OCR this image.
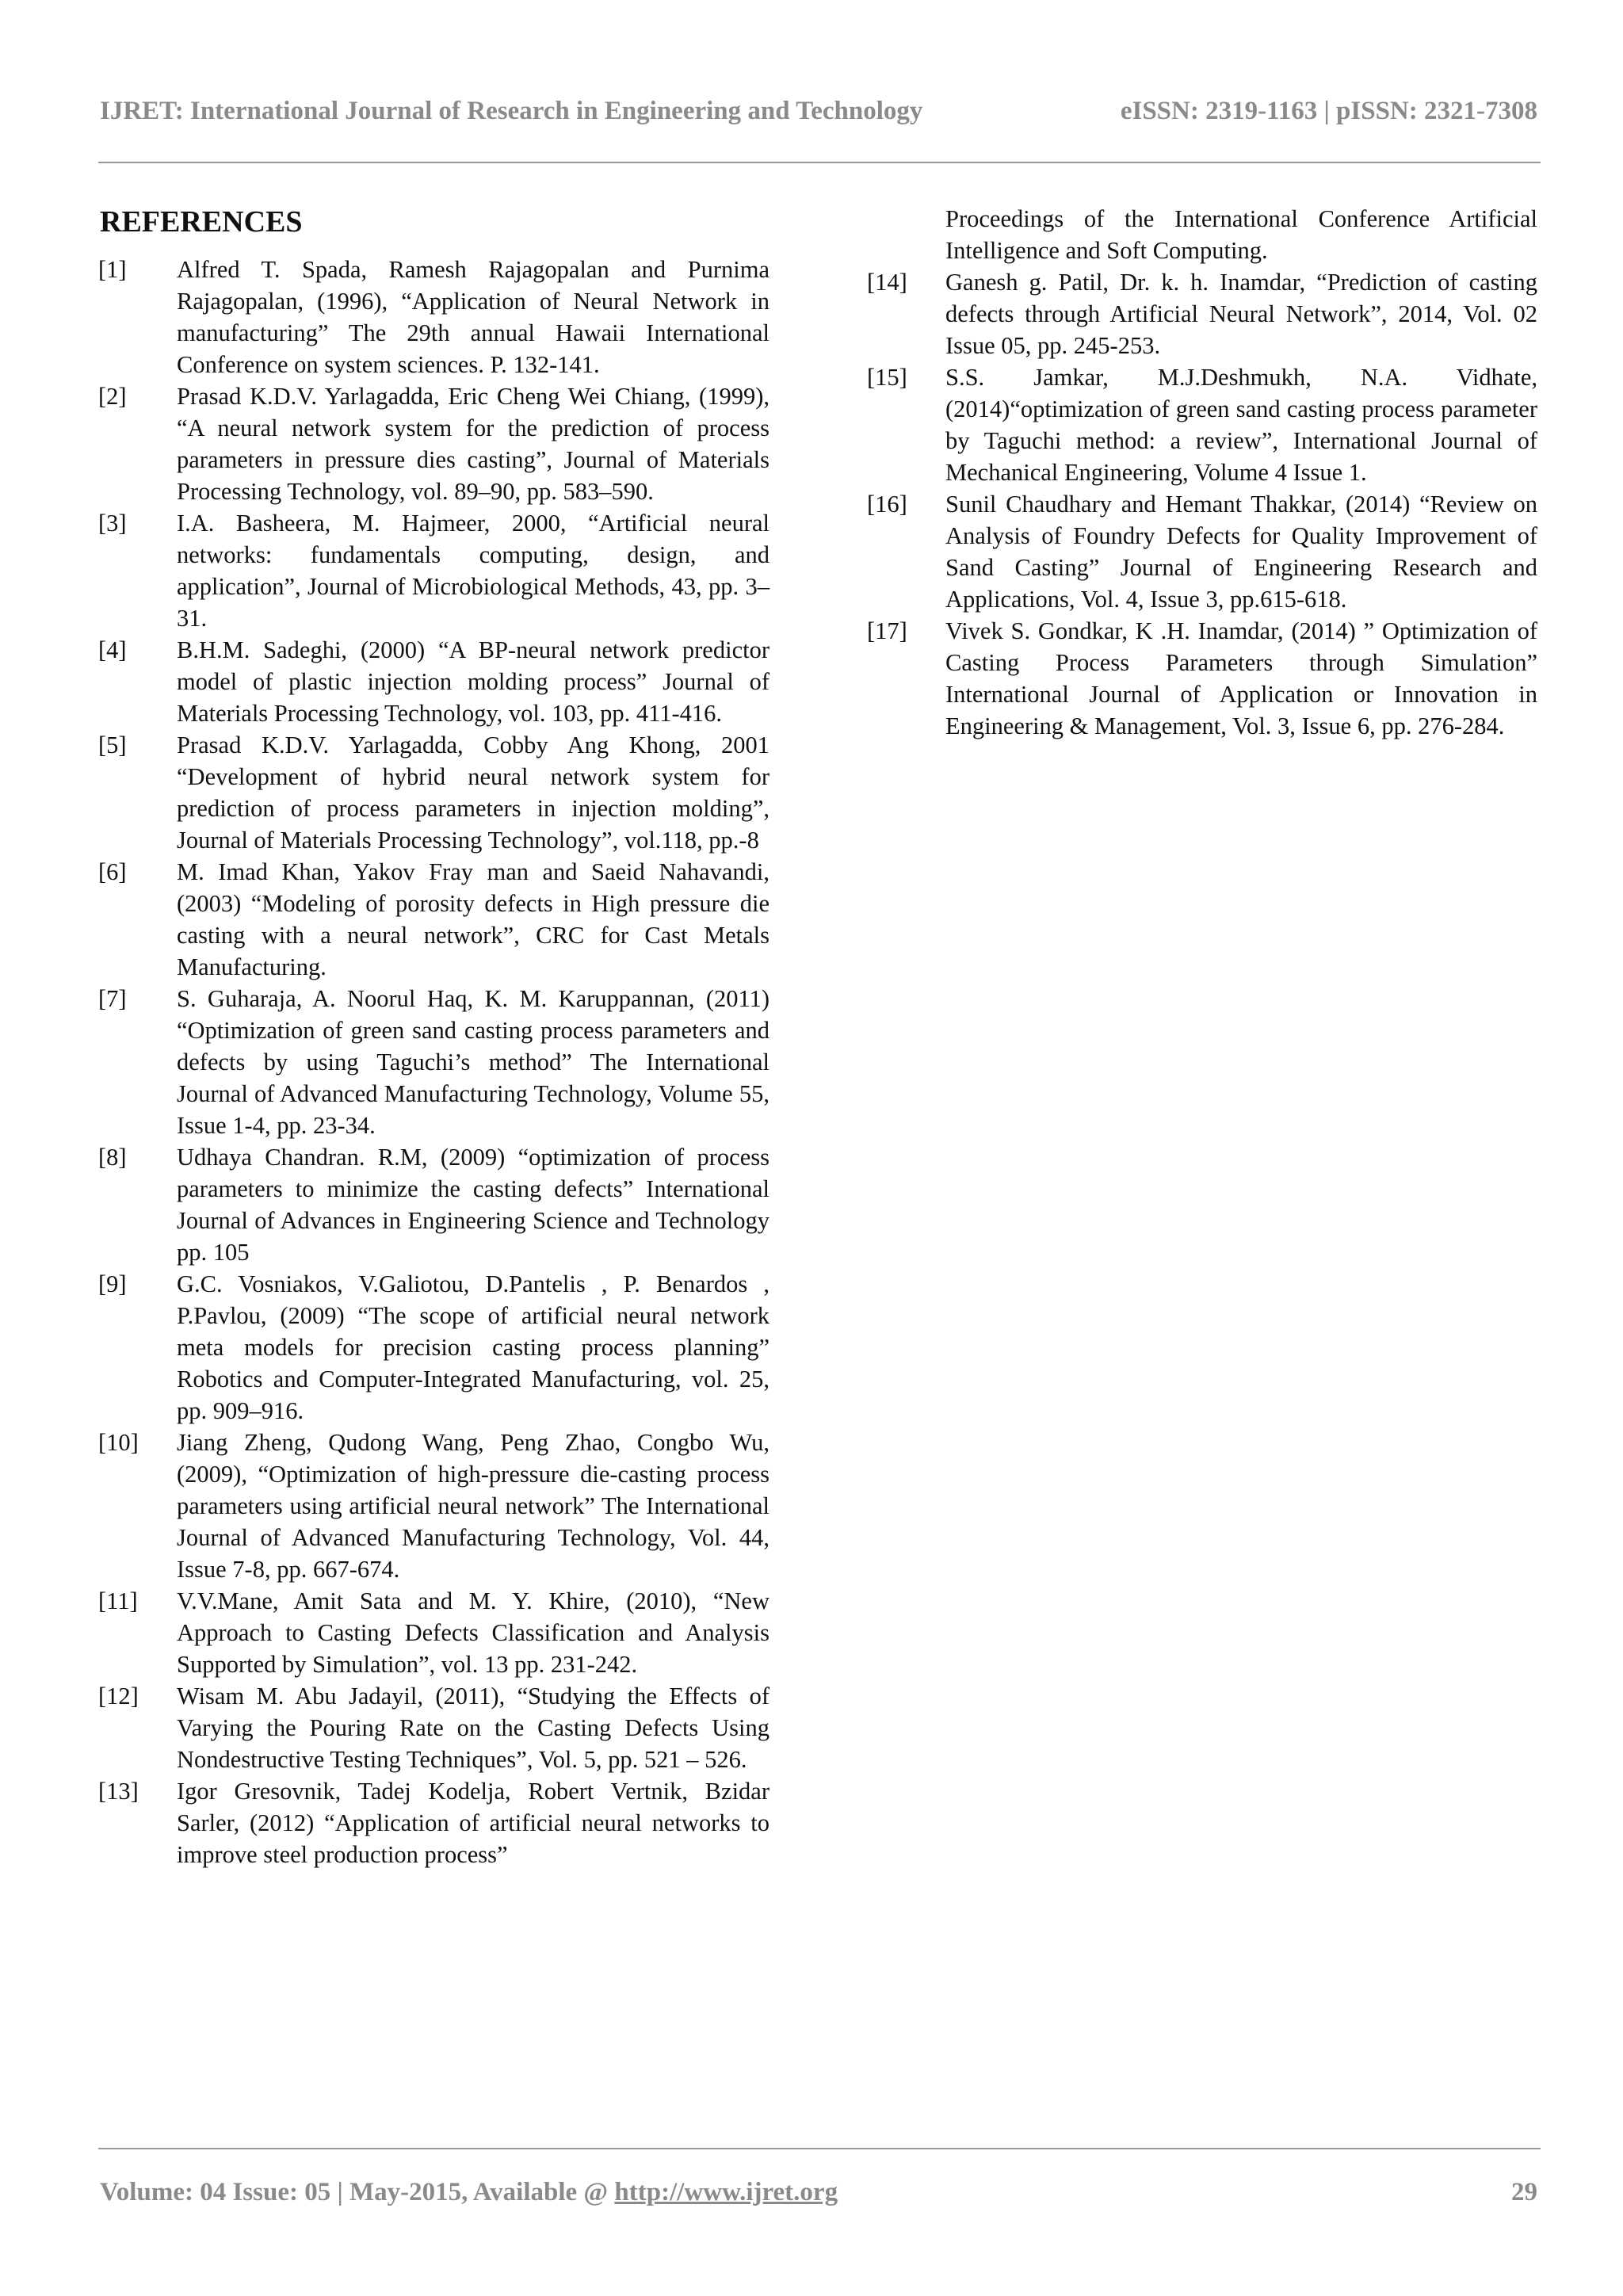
IJRET: International Journal of Research in Engineering and Technology	eISSN: 2319-1163 | pISSN: 2321-7308
REFERENCES
[1]	Alfred T. Spada, Ramesh Rajagopalan and Purnima Rajagopalan, (1996), “Application of Neural Network in manufacturing” The 29th annual Hawaii International Conference on system sciences. P. 132-141.
[2]	Prasad K.D.V. Yarlagadda, Eric Cheng Wei Chiang, (1999), “A neural network system for the prediction of process parameters in pressure dies casting”, Journal of Materials Processing Technology, vol. 89–90, pp. 583–590.
[3]	I.A. Basheera, M. Hajmeer, 2000, “Artificial neural networks: fundamentals computing, design, and application”, Journal of Microbiological Methods, 43, pp. 3–31.
[4]	B.H.M. Sadeghi, (2000) “A BP-neural network predictor model of plastic injection molding process” Journal of Materials Processing Technology, vol. 103, pp. 411-416.
[5]	Prasad K.D.V. Yarlagadda, Cobby Ang Khong, 2001 “Development of hybrid neural network system for prediction of process parameters in injection molding”, Journal of Materials Processing Technology”, vol.118, pp.-8
[6]	M. Imad Khan, Yakov Fray man and Saeid Nahavandi, (2003) “Modeling of porosity defects in High pressure die casting with a neural network”, CRC for Cast Metals Manufacturing.
[7]	S. Guharaja, A. Noorul Haq, K. M. Karuppannan, (2011) “Optimization of green sand casting process parameters and defects by using Taguchi’s method” The International Journal of Advanced Manufacturing Technology, Volume 55, Issue 1-4, pp. 23-34.
[8]	Udhaya Chandran. R.M, (2009) “optimization of process parameters to minimize the casting defects” International Journal of Advances in Engineering Science and Technology pp. 105
[9]	G.C. Vosniakos, V.Galiotou, D.Pantelis , P. Benardos , P.Pavlou, (2009) “The scope of artificial neural network meta models for precision casting process planning” Robotics and Computer-Integrated Manufacturing, vol. 25, pp. 909–916.
[10]	Jiang Zheng, Qudong Wang, Peng Zhao, Congbo Wu, (2009), “Optimization of high-pressure die-casting process parameters using artificial neural network” The International Journal of Advanced Manufacturing Technology, Vol. 44, Issue 7-8, pp. 667-674.
[11]	V.V.Mane, Amit Sata and M. Y. Khire, (2010), “New Approach to Casting Defects Classification and Analysis Supported by Simulation”, vol. 13 pp. 231-242.
[12]	Wisam M. Abu Jadayil, (2011), “Studying the Effects of Varying the Pouring Rate on the Casting Defects Using Nondestructive Testing Techniques”, Vol. 5, pp. 521 – 526.
[13]	Igor Gresovnik, Tadej Kodelja, Robert Vertnik, Bzidar Sarler, (2012) “Application of artificial neural networks to improve steel production process”
Proceedings of the International Conference Artificial Intelligence and Soft Computing.
[14]	Ganesh g. Patil, Dr. k. h. Inamdar, “Prediction of casting defects through Artificial Neural Network”, 2014, Vol. 02 Issue 05, pp. 245-253.
[15]	S.S. Jamkar, M.J.Deshmukh, N.A. Vidhate, (2014)“optimization of green sand casting process parameter by Taguchi method: a review”, International Journal of Mechanical Engineering, Volume 4 Issue 1.
[16]	Sunil Chaudhary and Hemant Thakkar, (2014) “Review on Analysis of Foundry Defects for Quality Improvement of Sand Casting” Journal of Engineering Research and Applications, Vol. 4, Issue 3, pp.615-618.
[17]	Vivek S. Gondkar, K .H. Inamdar, (2014) ” Optimization of Casting Process Parameters through Simulation” International Journal of Application or Innovation in Engineering & Management, Vol. 3, Issue 6, pp. 276-284.
Volume: 04 Issue: 05 | May-2015, Available @ http://www.ijret.org	29
